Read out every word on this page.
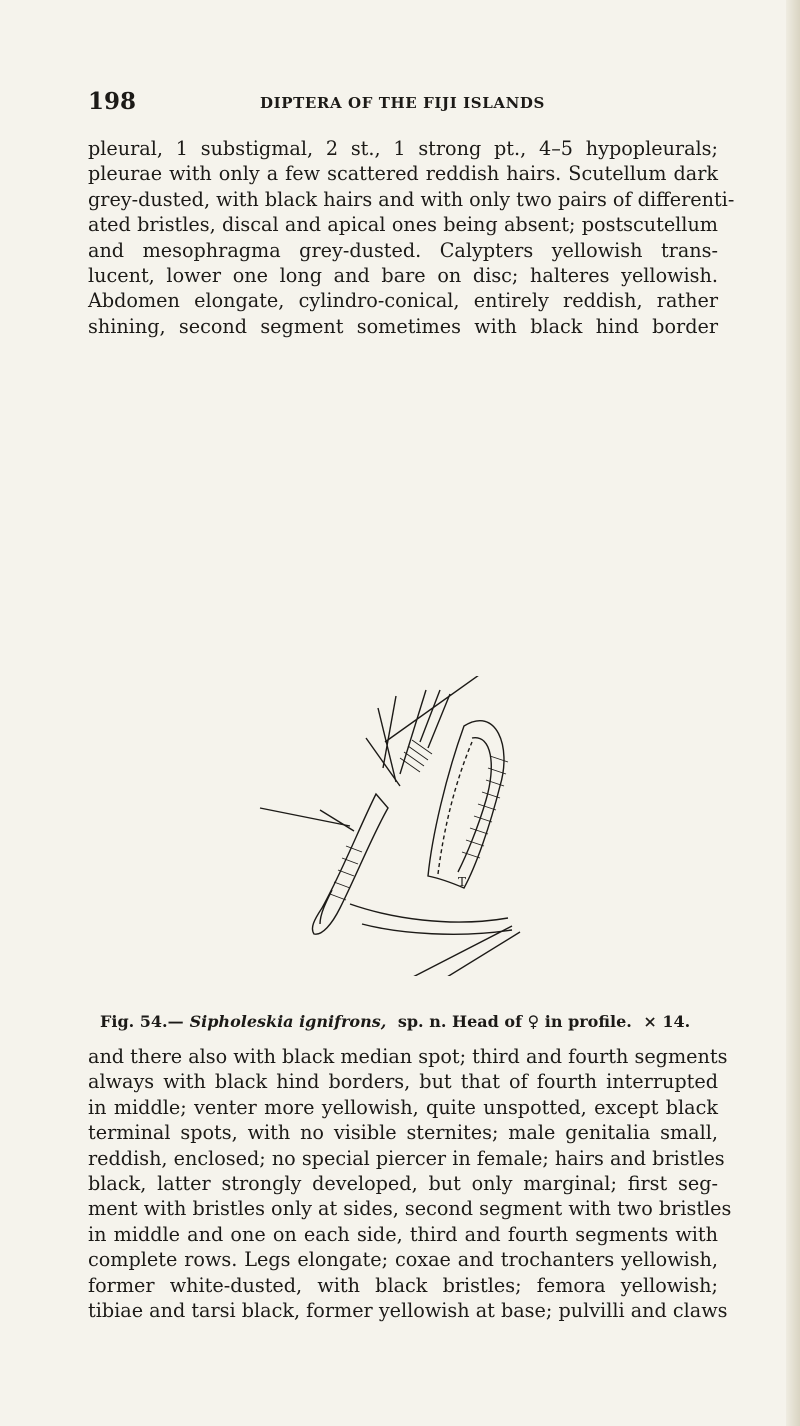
198	DIPTERA OF THE FIJI ISLANDS

pleural, 1 substigmal, 2 st., 1 strong pt., 4–5 hypopleurals;
pleurae with only a few scattered reddish hairs. Scutellum dark
grey-dusted, with black hairs and with only two pairs of differenti-
ated bristles, discal and apical ones being absent; postscutellum
and mesophragma grey-dusted. Calypters yellowish trans-
lucent, lower one long and bare on disc; halteres yellowish.
Abdomen elongate, cylindro-conical, entirely reddish, rather
shining, second segment sometimes with black hind border

T
Fig. 54.— Sipholeskia ignifrons, sp. n. Head of ♀ in profile. × 14.

and there also with black median spot; third and fourth segments
always with black hind borders, but that of fourth interrupted
in middle; venter more yellowish, quite unspotted, except black
terminal spots, with no visible sternites; male genitalia small,
reddish, enclosed; no special piercer in female; hairs and bristles
black, latter strongly developed, but only marginal; first seg-
ment with bristles only at sides, second segment with two bristles
in middle and one on each side, third and fourth segments with
complete rows. Legs elongate; coxae and trochanters yellowish,
former white-dusted, with black bristles; femora yellowish;
tibiae and tarsi black, former yellowish at base; pulvilli and claws
